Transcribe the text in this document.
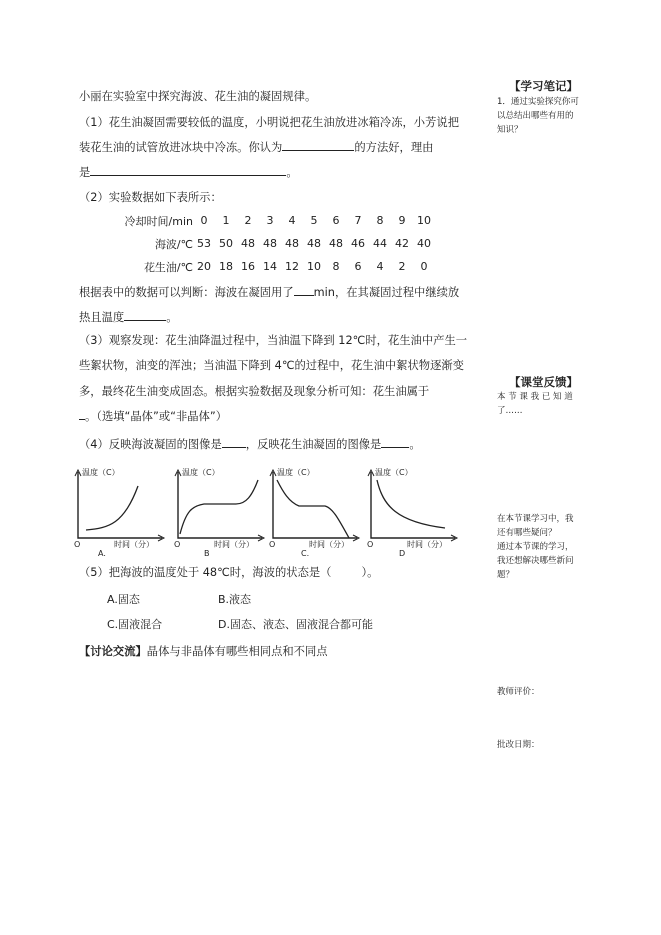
小丽在实验室中探究海波、花生油的凝固规律。
（1）花生油凝固需要较低的温度，小明说把花生油放进冰箱冷冻，小芳说把
装花生油的试管放进冰块中冷冻。你认为	的方法好，理由
是	。
（2）实验数据如下表所示：
冷却时间/min	0	1	2	3	4	5	6	7	8	9	10
海波/℃	53	50	48	48	48	48	48	46	44	42	40
花生油/℃	20	18	16	14	12	10	8	6	4	2	0
根据表中的数据可以判断：海波在凝固用了 min，在其凝固过程中继续放
热且温度	。
（3）观察发现：花生油降温过程中，当油温下降到 12℃时，花生油中产生一
些絮状物，油变的浑浊；当油温下降到 4℃的过程中，花生油中絮状物逐渐变
多，最终花生油变成固态。根据实验数据及现象分析可知：花生油属于
。（选填“晶体”或“非晶体”）
（4）反映海波凝固的图像是 ，反映花生油凝固的图像是 。
温度（C）
时间（分）
O
A.
温度（C）
时间（分）
O
B
温度（C）
时间（分）
O
C.
温度（C）
时间（分）
O
D
（5）把海波的温度处于 48℃时，海波的状态是（	）。
A.固态	B.液态
C.固液混合	D.固态、液态、固液混合都可能
【讨论交流】晶体与非晶体有哪些相同点和不同点
【学习笔记】
1．通过实验探究你可
以总结出哪些有用的
知识？
【课堂反馈】
本 节 课 我 已 知 道
了……
在本节课学习中，我
还有哪些疑问？
通过本节课的学习，
我还想解决哪些新问
题？
教师评价：
批改日期：
